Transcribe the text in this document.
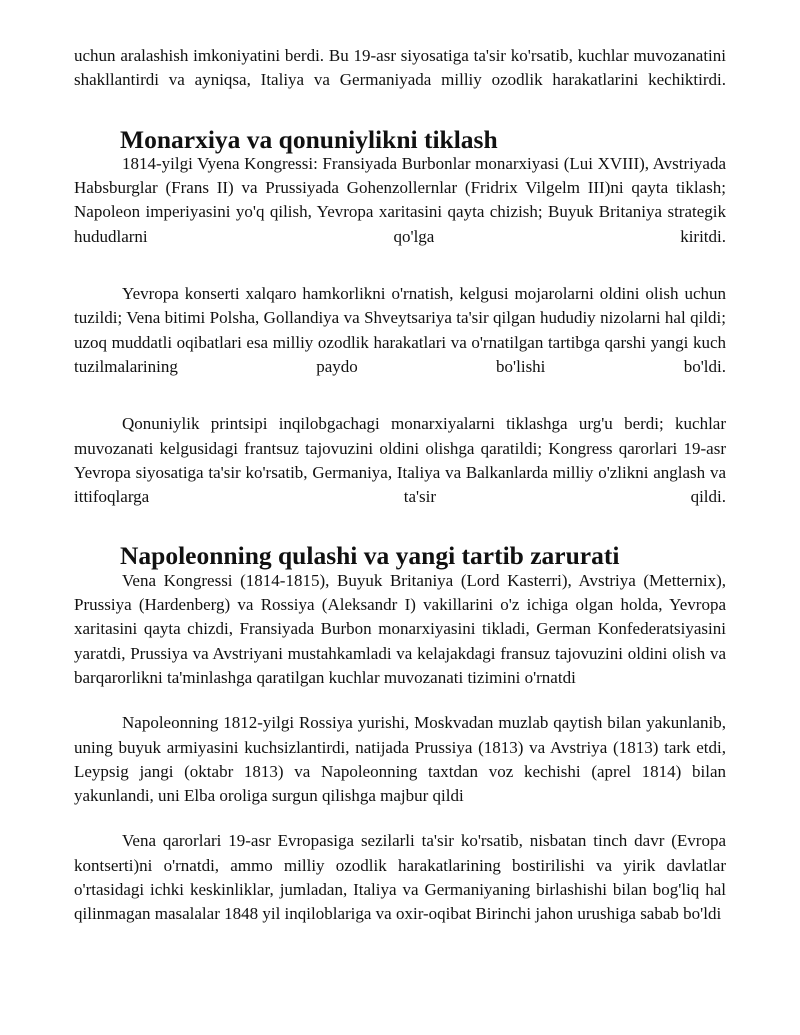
uchun aralashish imkoniyatini berdi. Bu 19-asr siyosatiga ta'sir ko'rsatib, kuchlar muvozanatini shakllantirdi va ayniqsa, Italiya va Germaniyada milliy ozodlik harakatlarini kechiktirdi.

Monarxiya va qonuniylikni tiklash

1814-yilgi Vyena Kongressi: Fransiyada Burbonlar monarxiyasi (Lui XVIII), Avstriyada Habsburglar (Frans II) va Prussiyada Gohenzollernlar (Fridrix Vilgelm III)ni qayta tiklash; Napoleon imperiyasini yo'q qilish, Yevropa xaritasini qayta chizish; Buyuk Britaniya strategik hududlarni qo'lga kiritdi.

Yevropa konserti xalqaro hamkorlikni o'rnatish, kelgusi mojarolarni oldini olish uchun tuzildi; Vena bitimi Polsha, Gollandiya va Shveytsariya ta'sir qilgan hududiy nizolarni hal qildi; uzoq muddatli oqibatlari esa milliy ozodlik harakatlari va o'rnatilgan tartibga qarshi yangi kuch tuzilmalarining paydo bo'lishi bo'ldi.

Qonuniylik printsipi inqilobgachagi monarxiyalarni tiklashga urg'u berdi; kuchlar muvozanati kelgusidagi frantsuz tajovuzini oldini olishga qaratildi; Kongress qarorlari 19-asr Yevropa siyosatiga ta'sir ko'rsatib, Germaniya, Italiya va Balkanlarda milliy o'zlikni anglash va ittifoqlarga ta'sir qildi.

Napoleonning qulashi va yangi tartib zarurati

Vena Kongressi (1814-1815), Buyuk Britaniya (Lord Kasterri), Avstriya (Metternix), Prussiya (Hardenberg) va Rossiya (Aleksandr I) vakillarini o'z ichiga olgan holda, Yevropa xaritasini qayta chizdi, Fransiyada Burbon monarxiyasini tikladi, German Konfederatsiyasini yaratdi, Prussiya va Avstriyani mustahkamladi va kelajakdagi fransuz tajovuzini oldini olish va barqarorlikni ta'minlashga qaratilgan kuchlar muvozanati tizimini o'rnatdi

Napoleonning 1812-yilgi Rossiya yurishi, Moskvadan muzlab qaytish bilan yakunlanib, uning buyuk armiyasini kuchsizlantirdi, natijada Prussiya (1813) va Avstriya (1813) tark etdi, Leypsig jangi (oktabr 1813) va Napoleonning taxtdan voz kechishi (aprel 1814) bilan yakunlandi, uni Elba oroliga surgun qilishga majbur qildi

Vena qarorlari 19-asr Evropasiga sezilarli ta'sir ko'rsatib, nisbatan tinch davr (Evropa kontserti)ni o'rnatdi, ammo milliy ozodlik harakatlarining bostirilishi va yirik davlatlar o'rtasidagi ichki keskinliklar, jumladan, Italiya va Germaniyaning birlashishi bilan bog'liq hal qilinmagan masalalar 1848 yil inqiloblariga va oxir-oqibat Birinchi jahon urushiga sabab bo'ldi
